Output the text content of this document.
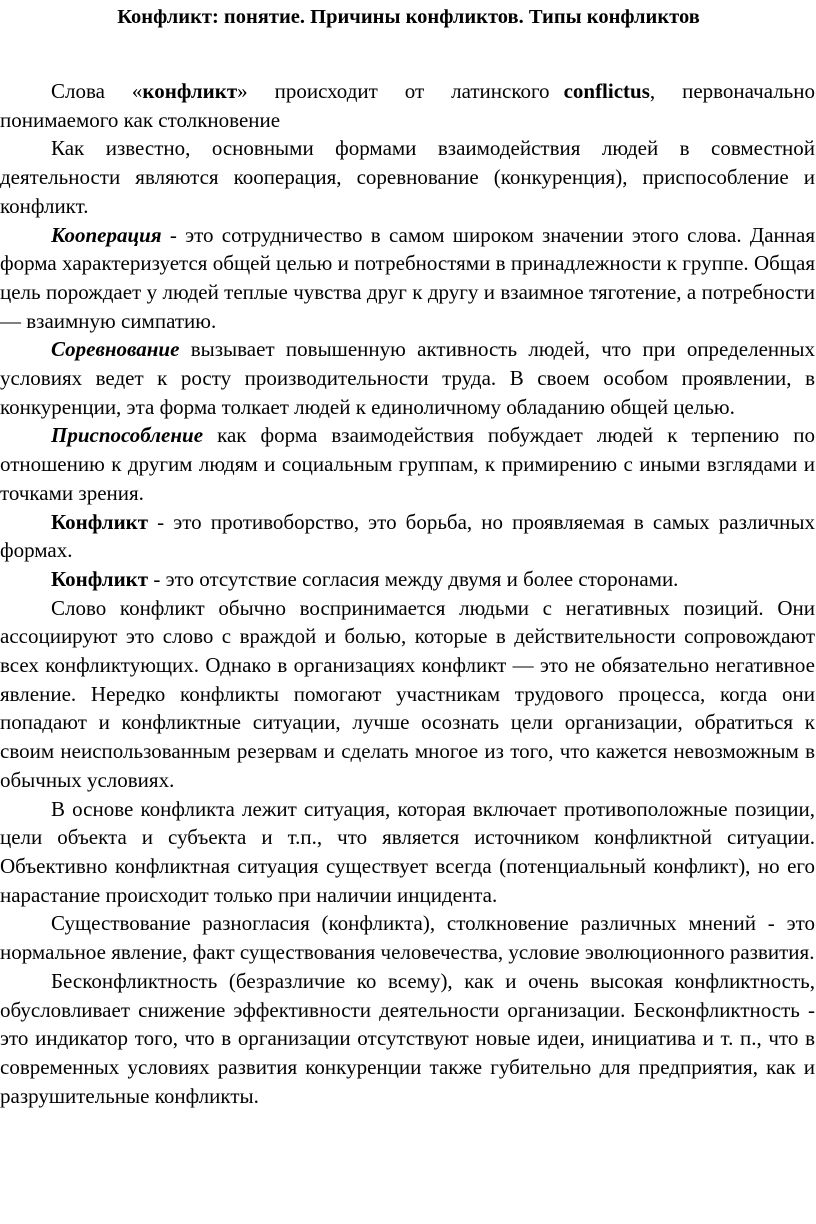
Конфликт: понятие. Причины конфликтов. Типы конфликтов

Слова «конфликт» происходит от латинского conflictus, первоначально понимаемого как столкновение

Как известно, основными формами взаимодействия людей в совместной деятельности являются кооперация, соревнование (конкуренция), приспособление и конфликт.

Кооперация - это сотрудничество в самом широком значении этого слова. Данная форма характеризуется общей целью и потребностями в принадлежности к группе. Общая цель порождает у людей теплые чувства друг к другу и взаимное тяготение, а потребности — взаимную симпатию.

Соревнование вызывает повышенную активность людей, что при определенных условиях ведет к росту производительности труда. В своем особом проявлении, в конкуренции, эта форма толкает людей к единоличному обладанию общей целью.

Приспособление как форма взаимодействия побуждает людей к терпению по отношению к другим людям и социальным группам, к примирению с иными взглядами и точками зрения.

Конфликт - это противоборство, это борьба, но проявляемая в самых различных формах.

Конфликт - это отсутствие согласия между двумя и более сторонами.

Слово конфликт обычно воспринимается людьми с негативных позиций. Они ассоциируют это слово с враждой и болью, которые в действительности сопровождают всех конфликтующих. Однако в организациях конфликт — это не обязательно негативное явление. Нередко конфликты помогают участникам трудового процесса, когда они попадают и конфликтные ситуации, лучше осознать цели организации, обратиться к своим неиспользованным резервам и сделать многое из того, что кажется невозможным в обычных условиях.

В основе конфликта лежит ситуация, которая включает противоположные позиции, цели объекта и субъекта и т.п., что является источником конфликтной ситуации. Объективно конфликтная ситуация существует всегда (потенциальный конфликт), но его нарастание происходит только при наличии инцидента.

Существование разногласия (конфликта), столкновение различных мнений - это нормальное явление, факт существования человечества, условие эволюционного развития.

Бесконфликтность (безразличие ко всему), как и очень высокая конфликтность, обусловливает снижение эффективности деятельности организации. Бесконфликтность - это индикатор того, что в организации отсутствуют новые идеи, инициатива и т. п., что в современных условиях развития конкуренции также губительно для предприятия, как и разрушительные конфликты.
